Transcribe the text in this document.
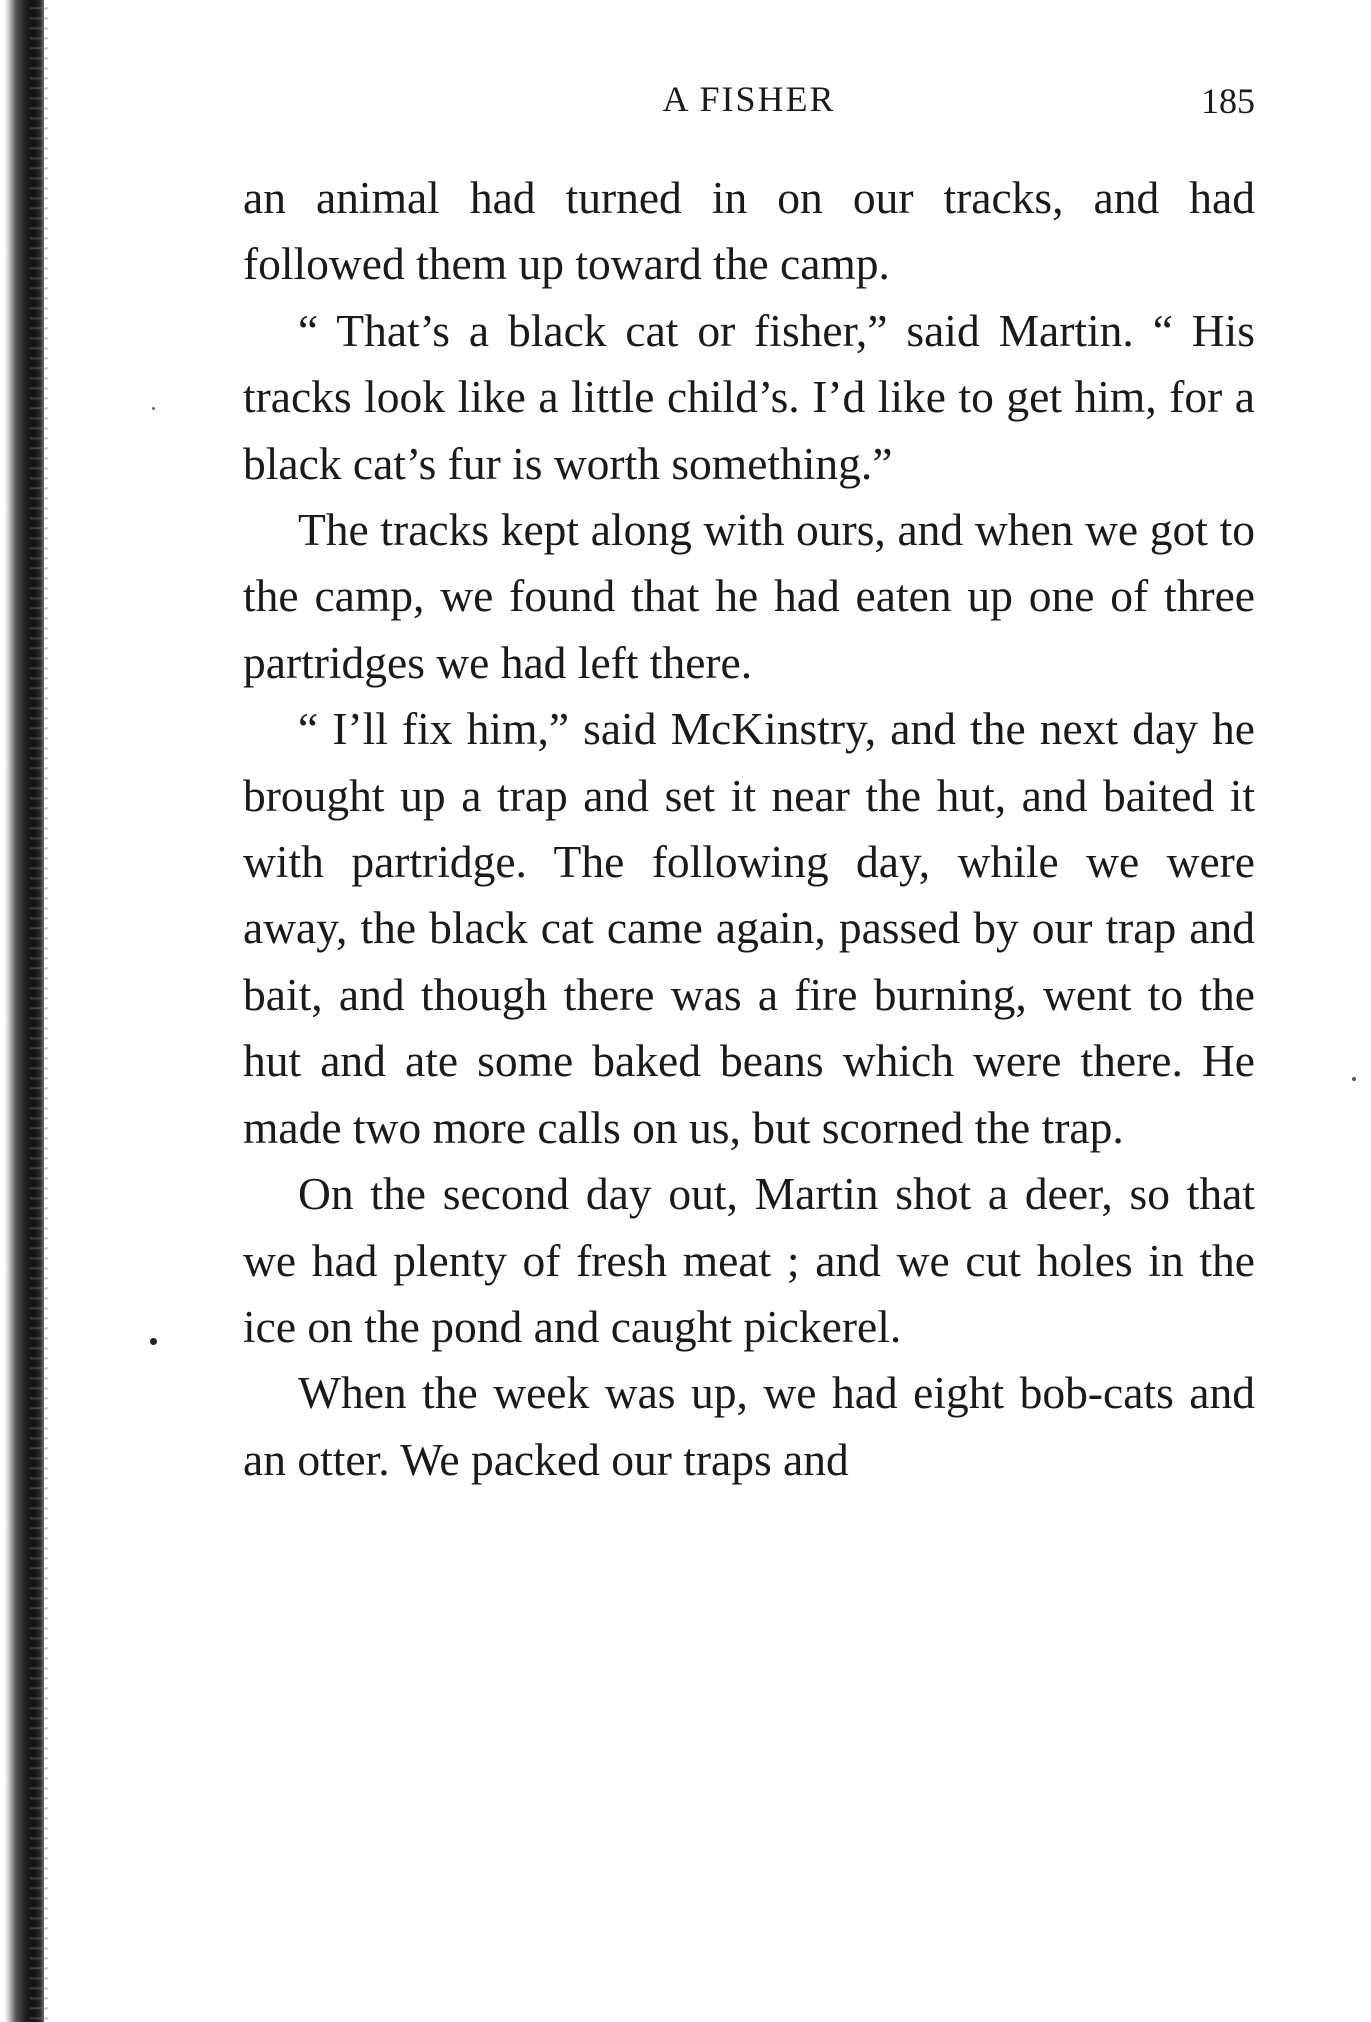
A FISHER	185

an animal had turned in on our tracks, and had followed them up toward the camp.

“ That’s a black cat or fisher,” said Martin. “ His tracks look like a little child’s. I’d like to get him, for a black cat’s fur is worth something.”

The tracks kept along with ours, and when we got to the camp, we found that he had eaten up one of three partridges we had left there.

“ I’ll fix him,” said McKinstry, and the next day he brought up a trap and set it near the hut, and baited it with partridge. The following day, while we were away, the black cat came again, passed by our trap and bait, and though there was a fire burning, went to the hut and ate some baked beans which were there. He made two more calls on us, but scorned the trap.

On the second day out, Martin shot a deer, so that we had plenty of fresh meat ; and we cut holes in the ice on the pond and caught pickerel.

When the week was up, we had eight bob-cats and an otter. We packed our traps and
